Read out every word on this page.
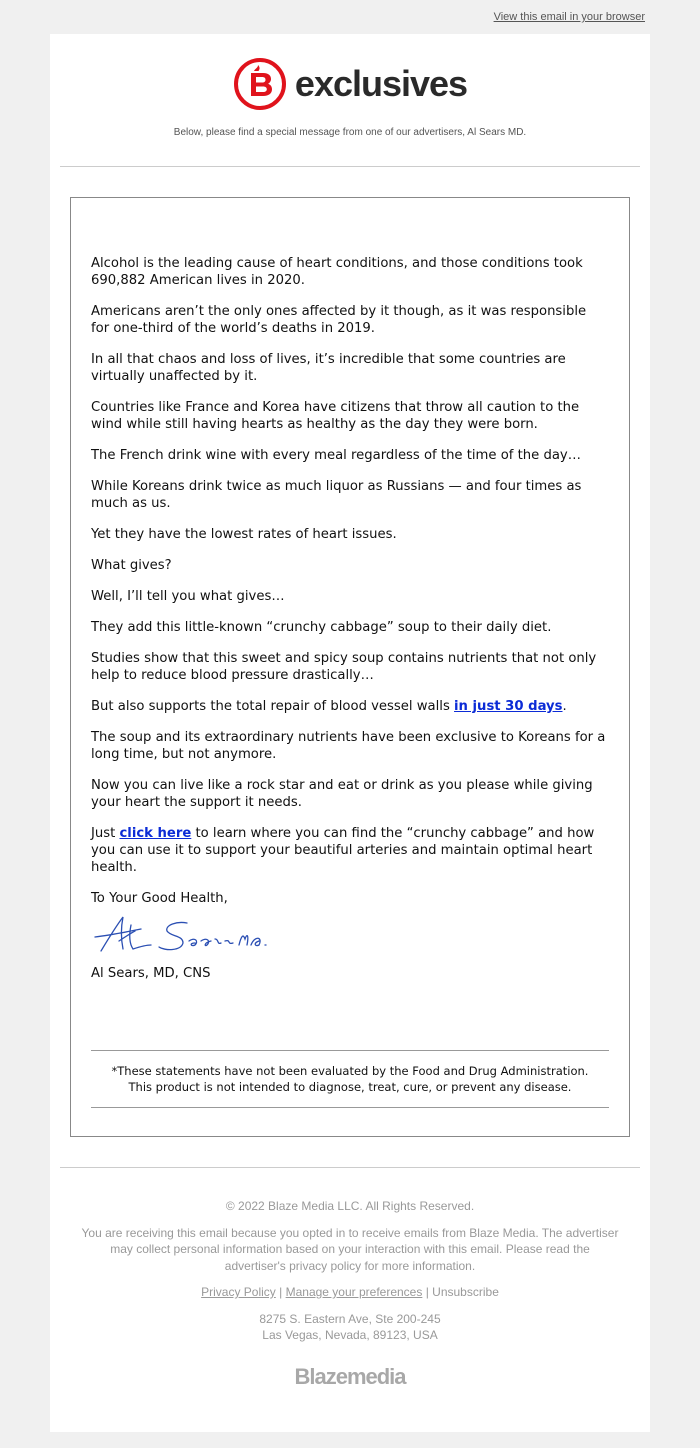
View this email in your browser
exclusives
Below, please find a special message from one of our advertisers, Al Sears MD.

Alcohol is the leading cause of heart conditions, and those conditions took 690,882 American lives in 2020.

Americans aren’t the only ones affected by it though, as it was responsible for one-third of the world’s deaths in 2019.

In all that chaos and loss of lives, it’s incredible that some countries are virtually unaffected by it.

Countries like France and Korea have citizens that throw all caution to the wind while still having hearts as healthy as the day they were born.

The French drink wine with every meal regardless of the time of the day…

While Koreans drink twice as much liquor as Russians — and four times as much as us.

Yet they have the lowest rates of heart issues.

What gives?

Well, I’ll tell you what gives…

They add this little-known “crunchy cabbage” soup to their daily diet.

Studies show that this sweet and spicy soup contains nutrients that not only help to reduce blood pressure drastically…

But also supports the total repair of blood vessel walls in just 30 days.

The soup and its extraordinary nutrients have been exclusive to Koreans for a long time, but not anymore.

Now you can live like a rock star and eat or drink as you please while giving your heart the support it needs.

Just click here to learn where you can find the “crunchy cabbage” and how you can use it to support your beautiful arteries and maintain optimal heart health.

To Your Good Health,

Al Sears, MD, CNS

*These statements have not been evaluated by the Food and Drug Administration.
This product is not intended to diagnose, treat, cure, or prevent any disease.

© 2022 Blaze Media LLC. All Rights Reserved.

You are receiving this email because you opted in to receive emails from Blaze Media. The advertiser may collect personal information based on your interaction with this email. Please read the advertiser's privacy policy for more information.

Privacy Policy | Manage your preferences | Unsubscribe

8275 S. Eastern Ave, Ste 200-245
Las Vegas, Nevada, 89123, USA

Blazemedia
